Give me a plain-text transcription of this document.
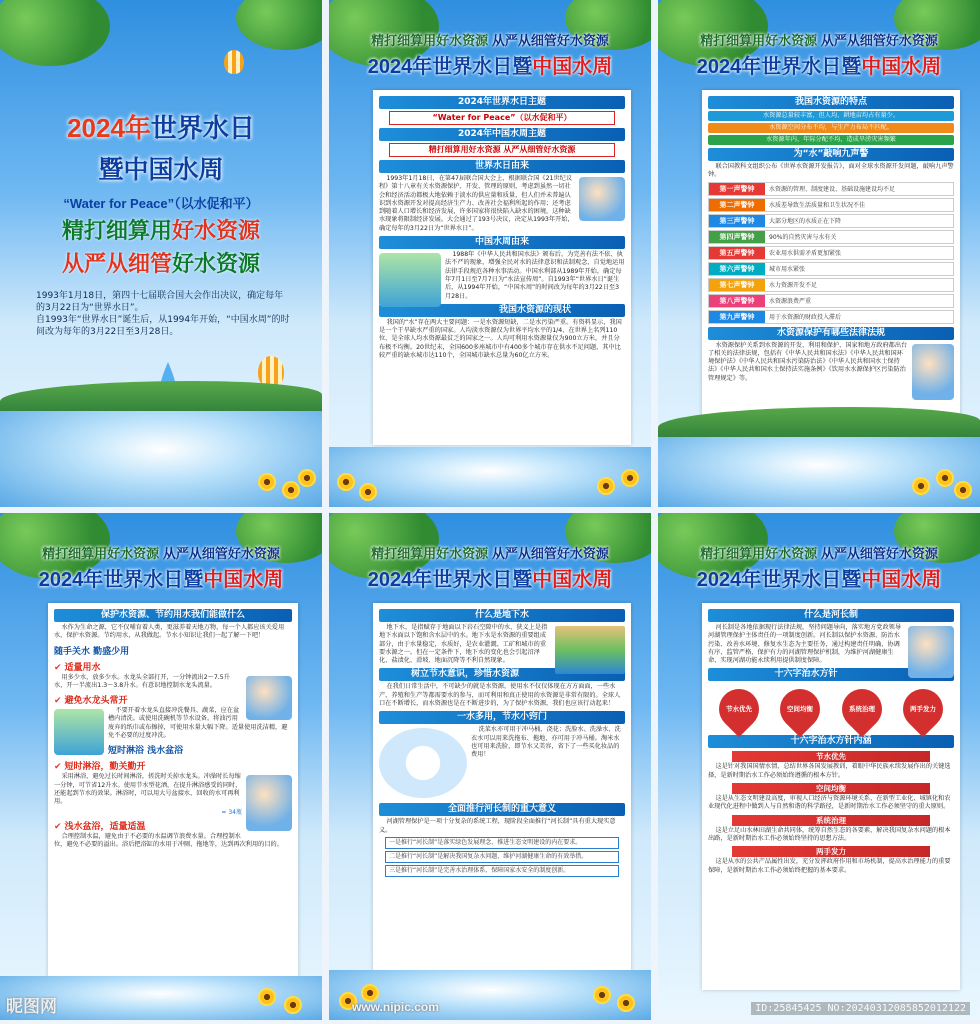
2024年世界水日
暨中国水周
“Water for Peace”（以水促和平）
精打细算用好水资源
从严从细管好水资源

1993年1月18日，第四十七届联合国大会作出决议，确定每年的3月22日为“世界水日”。

自1993年“世界水日”诞生后，从1994年开始，“中国水周”的时间改为每年的3月22日至3月28日。

精打细算用好水资源 从严从细管好水资源
2024年世界水日暨中国水周
2024年世界水日主题
“Water for Peace”（以水促和平）
2024年中国水周主题
精打细算用好水资源 从严从细管好水资源
世界水日由来

1993年1月18日，在第47届联合国大会上，根据联合国《21世纪议程》第十八章有关水资源保护、开发、管理的原则，考虑到虽然一切社会和经济活动都极大地依赖于淡水的供应量和质量，但人们并未普遍认识到水资源开发对提高经济生产力、改善社会福利所起的作用；还考虑到随着人口增长和经济发展，许多国家将很快陷入缺水的困境，这种缺水现象将限制经济发展。大会通过了193号决议，决定从1993年开始，确定每年的3月22日为“世界水日”。

中国水周由来

1988年《中华人民共和国水法》颁布后，为完善有法不依、执法不严的现象，增强全民对水的法律意识和法制观念，自觉地运用法律手段规范各种水事活动。中国水利部从1989年开始，确定每年7月1日至7月7日为“水法宣传周”。自1993年“世界水日”诞生后，从1994年开始，“中国水周”的时间改为每年的3月22日至3月28日。

我国水资源的现状

我国的“水”存在两大主要问题：一是水资源短缺，二是水污染严重。有资料显示，我国是一个干旱缺水严重的国家。人均淡水资源仅为世界平均水平的1/4、在世界上名列110位，是全球人均水资源最贫乏的国家之一。人均可利用水资源量仅为900立方米，并且分布极不均衡。20世纪末，全国600多座城市中有400多个城市存在供水不足问题，其中比较严重的缺水城市达110个，全国城市缺水总量为60亿立方米。

精打细算用好水资源 从严从细管好水资源
2024年世界水日暨中国水周
我国水资源的特点
水资源总量较丰富，但人均、耕地亩均占有量少。
水资源空间分布不均，与生产力布局不匹配。
水资源年内、年际分配不均，造成旱涝灾害频繁
为“水”敲响九声警

联合国教科文组织公布《世界水资源开发报告》，面对全球水资源开发问题，敲响九声警钟。

第一声警钟	水资源的管理、制度建设、基础设施建设均不足
第二声警钟	水质差导致生活质量和卫生状况不佳
第三声警钟	大部分地区的水质正在下降
第四声警钟	90%的自然灾害与水有关
第五声警钟	农业用水供需矛盾更加紧张
第六声警钟	城市用水紧张
第七声警钟	水力资源开发不足
第八声警钟	水资源浪费严重
第九声警钟	用于水资源的财政投入滞后
水资源保护有哪些法律法规

水资源保护关系到水资源的开发、利用和保护，国家和地方政府都出台了相关的法律法规，包括有《中华人民共和国水法》《中华人民共和国环境保护法》《中华人民共和国水污染防治法》《中华人民共和国水土保持法》《中华人民共和国水土保持法实施条例》《饮用水水源保护区污染防治管理规定》等。

精打细算用好水资源 从严从细管好水资源
2024年世界水日暨中国水周
保护水资源、节约用水我们能做什么

水作为生命之源，它不仅哺育着人类，更滋养着天地万物，每一个人都应该关爱用水，保护水资源。节约用水，从我做起。节水小知识让我们一起了解一下吧！

随手关水 勤盛少用
✔ 适量用水

用多少水，放多少水。水龙头全部打开，一分钟流出2～7.5升水，开一半流出1.3～3.8升水。有意识地控制水龙头流量。

✔ 避免水龙头常开

不要开着水龙头直接冲洗餐具、蔬菜，应在盆槽内清洗。或使用洗碗机等节水设备。将油污用废弃的纸巾或布擦掉，可使用水量大幅下降。适量使用洗洁精，避免不必要的过度冲洗。

短时淋浴 浅水盆浴
✔ 短时淋浴，勤关勤开

采用淋浴，避免过长时间淋浴，搓洗时关掉水龙头。冲澡时长每缩一分钟，可节省12升水。使用节水型花洒，在提升淋浴感受的同时，还能起到节水的效果。淋浴时，可以用大号盆接水，回收的水可再利用。

= 34瓶
✔ 浅水盆浴，适量适温

合理控制水温，避免由于不必要的水温调节浪费水量。合理控制水位，避免不必要的溢出。浴后把浴缸的水用于冲厕、拖地等，达到再次利用的目的。

精打细算用好水资源 从严从细管好水资源
2024年世界水日暨中国水周
什么是地下水

地下水，是指赋存于地面以下岩石空隙中的水，狭义上是指地下水面以下饱和含水层中的水。地下水是水资源的重要组成部分，由于水量稳定，水质好，是农业灌溉、工矿和城市的重要水源之一。但在一定条件下，地下水的变化也会引起沼泽化、盐渍化、滑坡、地面沉降等不利自然现象。

树立节水意识，珍惜水资源

在我们日常生活中，不可缺少的就是水资源，使用水不仅仅体现在方方面面，一些水产、养殖和生产等都需要水的参与，而可利用和真正使用的水资源是非常有限的。全球人口在不断增长，而水资源也是在不断进步的，为了保护水资源，我们也应该行动起来！

一水多用，节水小窍门

洗菜水亦可用于冲马桶、浇花；洗脸水、洗澡水、洗衣水可以用来洗拖布、拖地，亦可用于冲马桶。淘米水也可用来洗脸，即节水又美容，省下了一些买化妆品的费用！

全面推行河长制的重大意义

河湖管理保护是一项十分复杂的系统工程，现阶段全面推行“河长制”具有重大现实意义。

一是推行“河长制”是落实绿色发展理念、推进生态文明建设的内在要求。
二是推行“河长制”是解决我国复杂水问题、维护河湖健康生命的有效举措。
三是推行“河长制”是完善水治理体系、保障国家水安全的制度创新。
精打细算用好水资源 从严从细管好水资源
2024年世界水日暨中国水周
什么是河长制

河长制是各地依据现行法律法规，坚持问题导向，落实地方党政领导河湖管理保护主体责任的一项制度创新。河长制以保护水资源、防治水污染、改善水环境、修复水生态为主要任务，通过构建责任明确、协调有序、监管严格、保护有力的河湖管理保护机制，为维护河湖健康生命、实现河湖功能永续利用提供制度保障。

十六字治水方针
节水优先	空间均衡	系统治理	两手发力
十六字治水方针内涵
节水优先

这是针对我国国情水情，总结世界各国发展教训，着眼中华民族永续发展作出的关键选择，是新时期治水工作必须始终遵循的根本方针。

空间均衡

这是从生态文明建设高度，审视人口经济与资源环境关系，在新型工业化、城镇化和农业现代化进程中做到人与自然和谐的科学路径，是新时期治水工作必须坚守的重大原则。

系统治理

这是立足山水林田湖生命共同体，统筹自然生态的各要素，解决我国复杂水问题的根本出路，是新时期治水工作必须始终坚持的思想方法。

两手发力

这是从水的公共产品属性出发，充分发挥政府作用和市场机制，提高水治理能力的重要保障，是新时期治水工作必须始终把握的基本要求。

昵图网	www.nipic.com	ID:25845425 NO:20240312085852012122
